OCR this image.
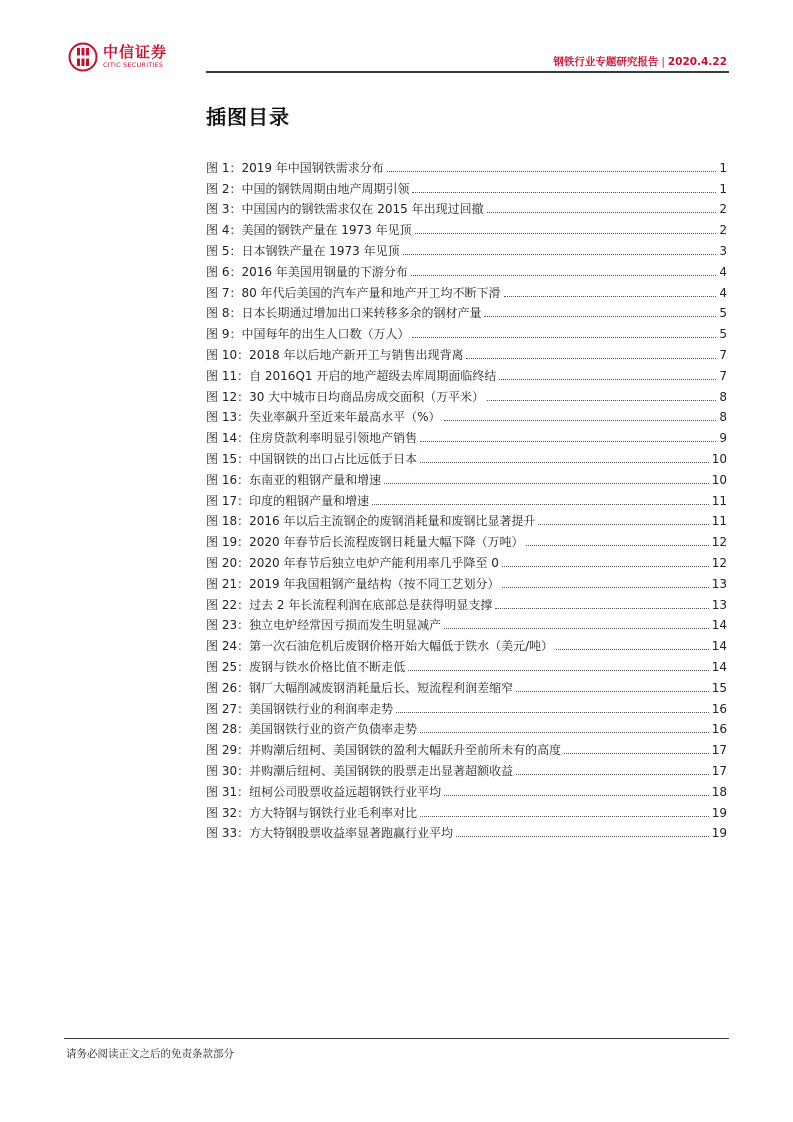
中信证券
CITIC SECURITIES	钢铁行业专题研究报告 | 2020.4.22
插图目录
图 1：2019 年中国钢铁需求分布	1
图 2：中国的钢铁周期由地产周期引领	1
图 3：中国国内的钢铁需求仅在 2015 年出现过回撤	2
图 4：美国的钢铁产量在 1973 年见顶	2
图 5：日本钢铁产量在 1973 年见顶	3
图 6：2016 年美国用钢量的下游分布	4
图 7：80 年代后美国的汽车产量和地产开工均不断下滑	4
图 8：日本长期通过增加出口来转移多余的钢材产量	5
图 9：中国每年的出生人口数（万人）	5
图 10：2018 年以后地产新开工与销售出现背离	7
图 11：自 2016Q1 开启的地产超级去库周期面临终结	7
图 12：30 大中城市日均商品房成交面积（万平米）	8
图 13：失业率飙升至近来年最高水平（%）	8
图 14：住房贷款利率明显引领地产销售	9
图 15：中国钢铁的出口占比远低于日本	10
图 16：东南亚的粗钢产量和增速	10
图 17：印度的粗钢产量和增速	11
图 18：2016 年以后主流钢企的废钢消耗量和废钢比显著提升	11
图 19：2020 年春节后长流程废钢日耗量大幅下降（万吨）	12
图 20：2020 年春节后独立电炉产能利用率几乎降至 0	12
图 21：2019 年我国粗钢产量结构（按不同工艺划分）	13
图 22：过去 2 年长流程利润在底部总是获得明显支撑	13
图 23：独立电炉经常因亏损而发生明显减产	14
图 24：第一次石油危机后废钢价格开始大幅低于铁水（美元/吨）	14
图 25：废钢与铁水价格比值不断走低	14
图 26：钢厂大幅削减废钢消耗量后长、短流程利润差缩窄	15
图 27：美国钢铁行业的利润率走势	16
图 28：美国钢铁行业的资产负债率走势	16
图 29：并购潮后纽柯、美国钢铁的盈利大幅跃升至前所未有的高度	17
图 30：并购潮后纽柯、美国钢铁的股票走出显著超额收益	17
图 31：纽柯公司股票收益远超钢铁行业平均	18
图 32：方大特钢与钢铁行业毛利率对比	19
图 33：方大特钢股票收益率显著跑赢行业平均	19
请务必阅读正文之后的免责条款部分
